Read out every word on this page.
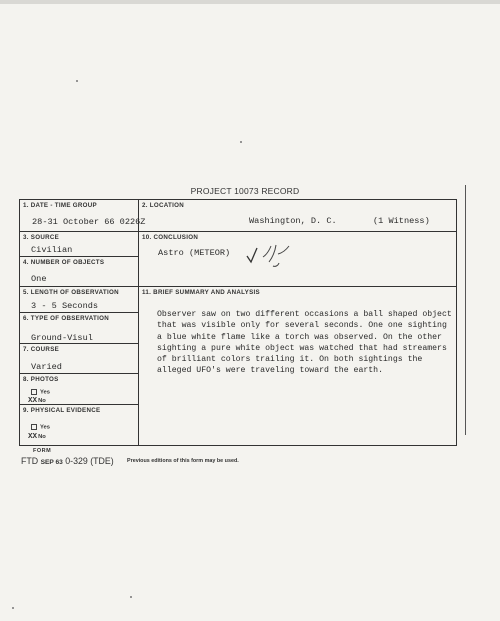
PROJECT 10073 RECORD
1. DATE - TIME GROUP
28-31 October 66 0226Z
3. SOURCE
Civilian
4. NUMBER OF OBJECTS
One
5. LENGTH OF OBSERVATION
3 - 5 Seconds
6. TYPE OF OBSERVATION
Ground-Visul
7. COURSE
Varied
8. PHOTOS
Yes
XXNo
9. PHYSICAL EVIDENCE
Yes
XXNo
2. LOCATION
Washington, D. C.	(1 Witness)
10. CONCLUSION
Astro (METEOR)
11. BRIEF SUMMARY AND ANALYSIS
Observer saw on two different occasions a ball shaped object
that was visible only for several seconds. One one sighting
a blue white flame like a torch was observed. On the other
sighting a pure white object was watched that had streamers
of brilliant colors trailing it. On both sightings the
alleged UFO's were traveling toward the earth.
FORM
FTD SEP 63 0-329 (TDE) Previous editions of this form may be used.
